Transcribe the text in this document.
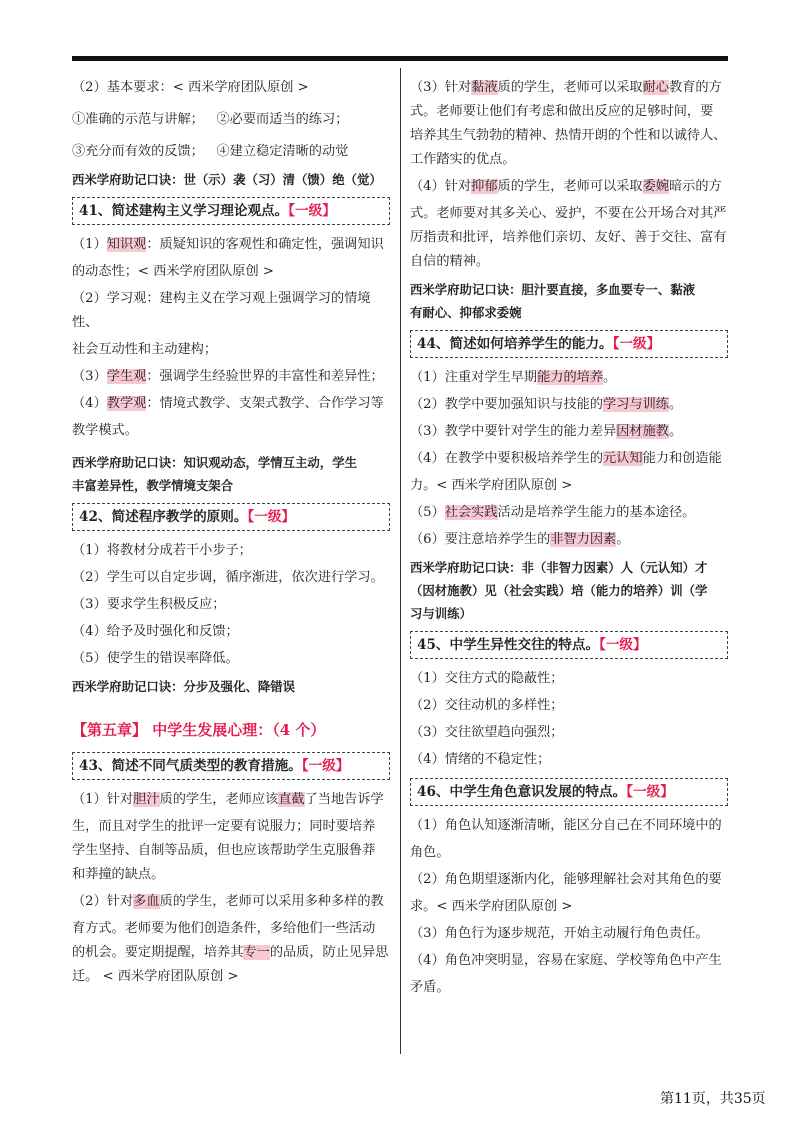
（2）基本要求：< 西米学府团队原创 >

①准确的示范与讲解；   ②必要而适当的练习；

③充分而有效的反馈；   ④建立稳定清晰的动觉

西米学府助记口诀：世（示）袭（习）清（馈）绝（觉）

41、简述建构主义学习理论观点。【一级】

（1）知识观：质疑知识的客观性和确定性，强调知识

的动态性；< 西米学府团队原创 >

（2）学习观：建构主义在学习观上强调学习的情境性、

社会互动性和主动建构；

（3）学生观：强调学生经验世界的丰富性和差异性；

（4）教学观：情境式教学、支架式教学、合作学习等

教学模式。

西米学府助记口诀：知识观动态，学情互主动，学生
丰富差异性，教学情境支架合

42、简述程序教学的原则。【一级】

（1）将教材分成若干小步子；

（2）学生可以自定步调，循序渐进，依次进行学习。

（3）要求学生积极反应；

（4）给予及时强化和反馈；

（5）使学生的错误率降低。

西米学府助记口诀：分步及强化、降错误

【第五章】 中学生发展心理：（4 个）
43、简述不同气质类型的教育措施。【一级】

（1）针对胆汁质的学生，老师应该直截了当地告诉学

生，而且对学生的批评一定要有说服力；同时要培养

学生坚持、自制等品质，但也应该帮助学生克服鲁莽

和莽撞的缺点。

（2）针对多血质的学生，老师可以采用多种多样的教

育方式。老师要为他们创造条件，多给他们一些活动

的机会。要定期提醒，培养其专一的品质，防止见异思

迁。 < 西米学府团队原创 >

（3）针对黏液质的学生，老师可以采取耐心教育的方

式。老师要让他们有考虑和做出反应的足够时间，要

培养其生气勃勃的精神、热情开朗的个性和以诚待人、

工作踏实的优点。

（4）针对抑郁质的学生，老师可以采取委婉暗示的方

式。老师要对其多关心、爱护，不要在公开场合对其严

厉指责和批评，培养他们亲切、友好、善于交往、富有

自信的精神。

西米学府助记口诀：胆汁要直接，多血要专一、黏液
有耐心、抑郁求委婉

44、简述如何培养学生的能力。【一级】

（1）注重对学生早期能力的培养。

（2）教学中要加强知识与技能的学习与训练。

（3）教学中要针对学生的能力差异因材施教。

（4）在教学中要积极培养学生的元认知能力和创造能

力。< 西米学府团队原创 >

（5）社会实践活动是培养学生能力的基本途径。

（6）要注意培养学生的非智力因素。

西米学府助记口诀：非（非智力因素）人（元认知）才
（因材施教）见（社会实践）培（能力的培养）训（学
习与训练）

45、中学生异性交往的特点。【一级】

（1）交往方式的隐蔽性；

（2）交往动机的多样性；

（3）交往欲望趋向强烈；

（4）情绪的不稳定性；

46、中学生角色意识发展的特点。【一级】

（1）角色认知逐渐清晰，能区分自己在不同环境中的

角色。

（2）角色期望逐渐内化，能够理解社会对其角色的要

求。< 西米学府团队原创 >

（3）角色行为逐步规范，开始主动履行角色责任。

（4）角色冲突明显，容易在家庭、学校等角色中产生

矛盾。

第11页，共35页
